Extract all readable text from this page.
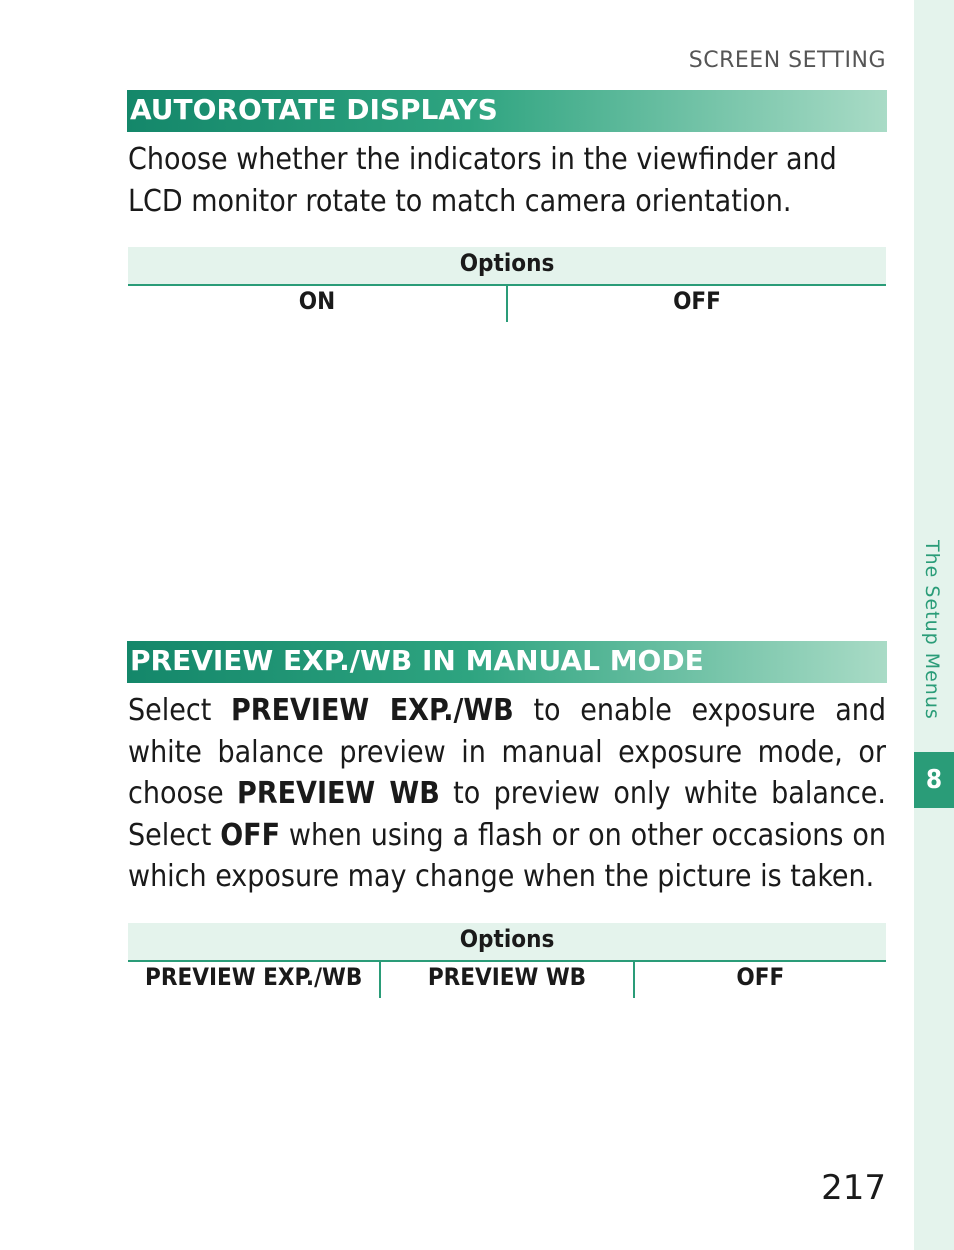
The Setup Menus
8
SCREEN SETTING
AUTOROTATE DISPLAYS
Choose whether the indicators in the viewfinder and LCD monitor rotate to match camera orientation.
Options
ON	OFF
PREVIEW EXP./WB IN MANUAL MODE
Select PREVIEW EXP./WB to enable exposure and white balance preview in manual exposure mode, or choose PREVIEW WB to preview only white balance. Select OFF when using a flash or on other occasions on which exposure may change when the picture is taken.
Options
PREVIEW EXP./WB	PREVIEW WB	OFF
217
